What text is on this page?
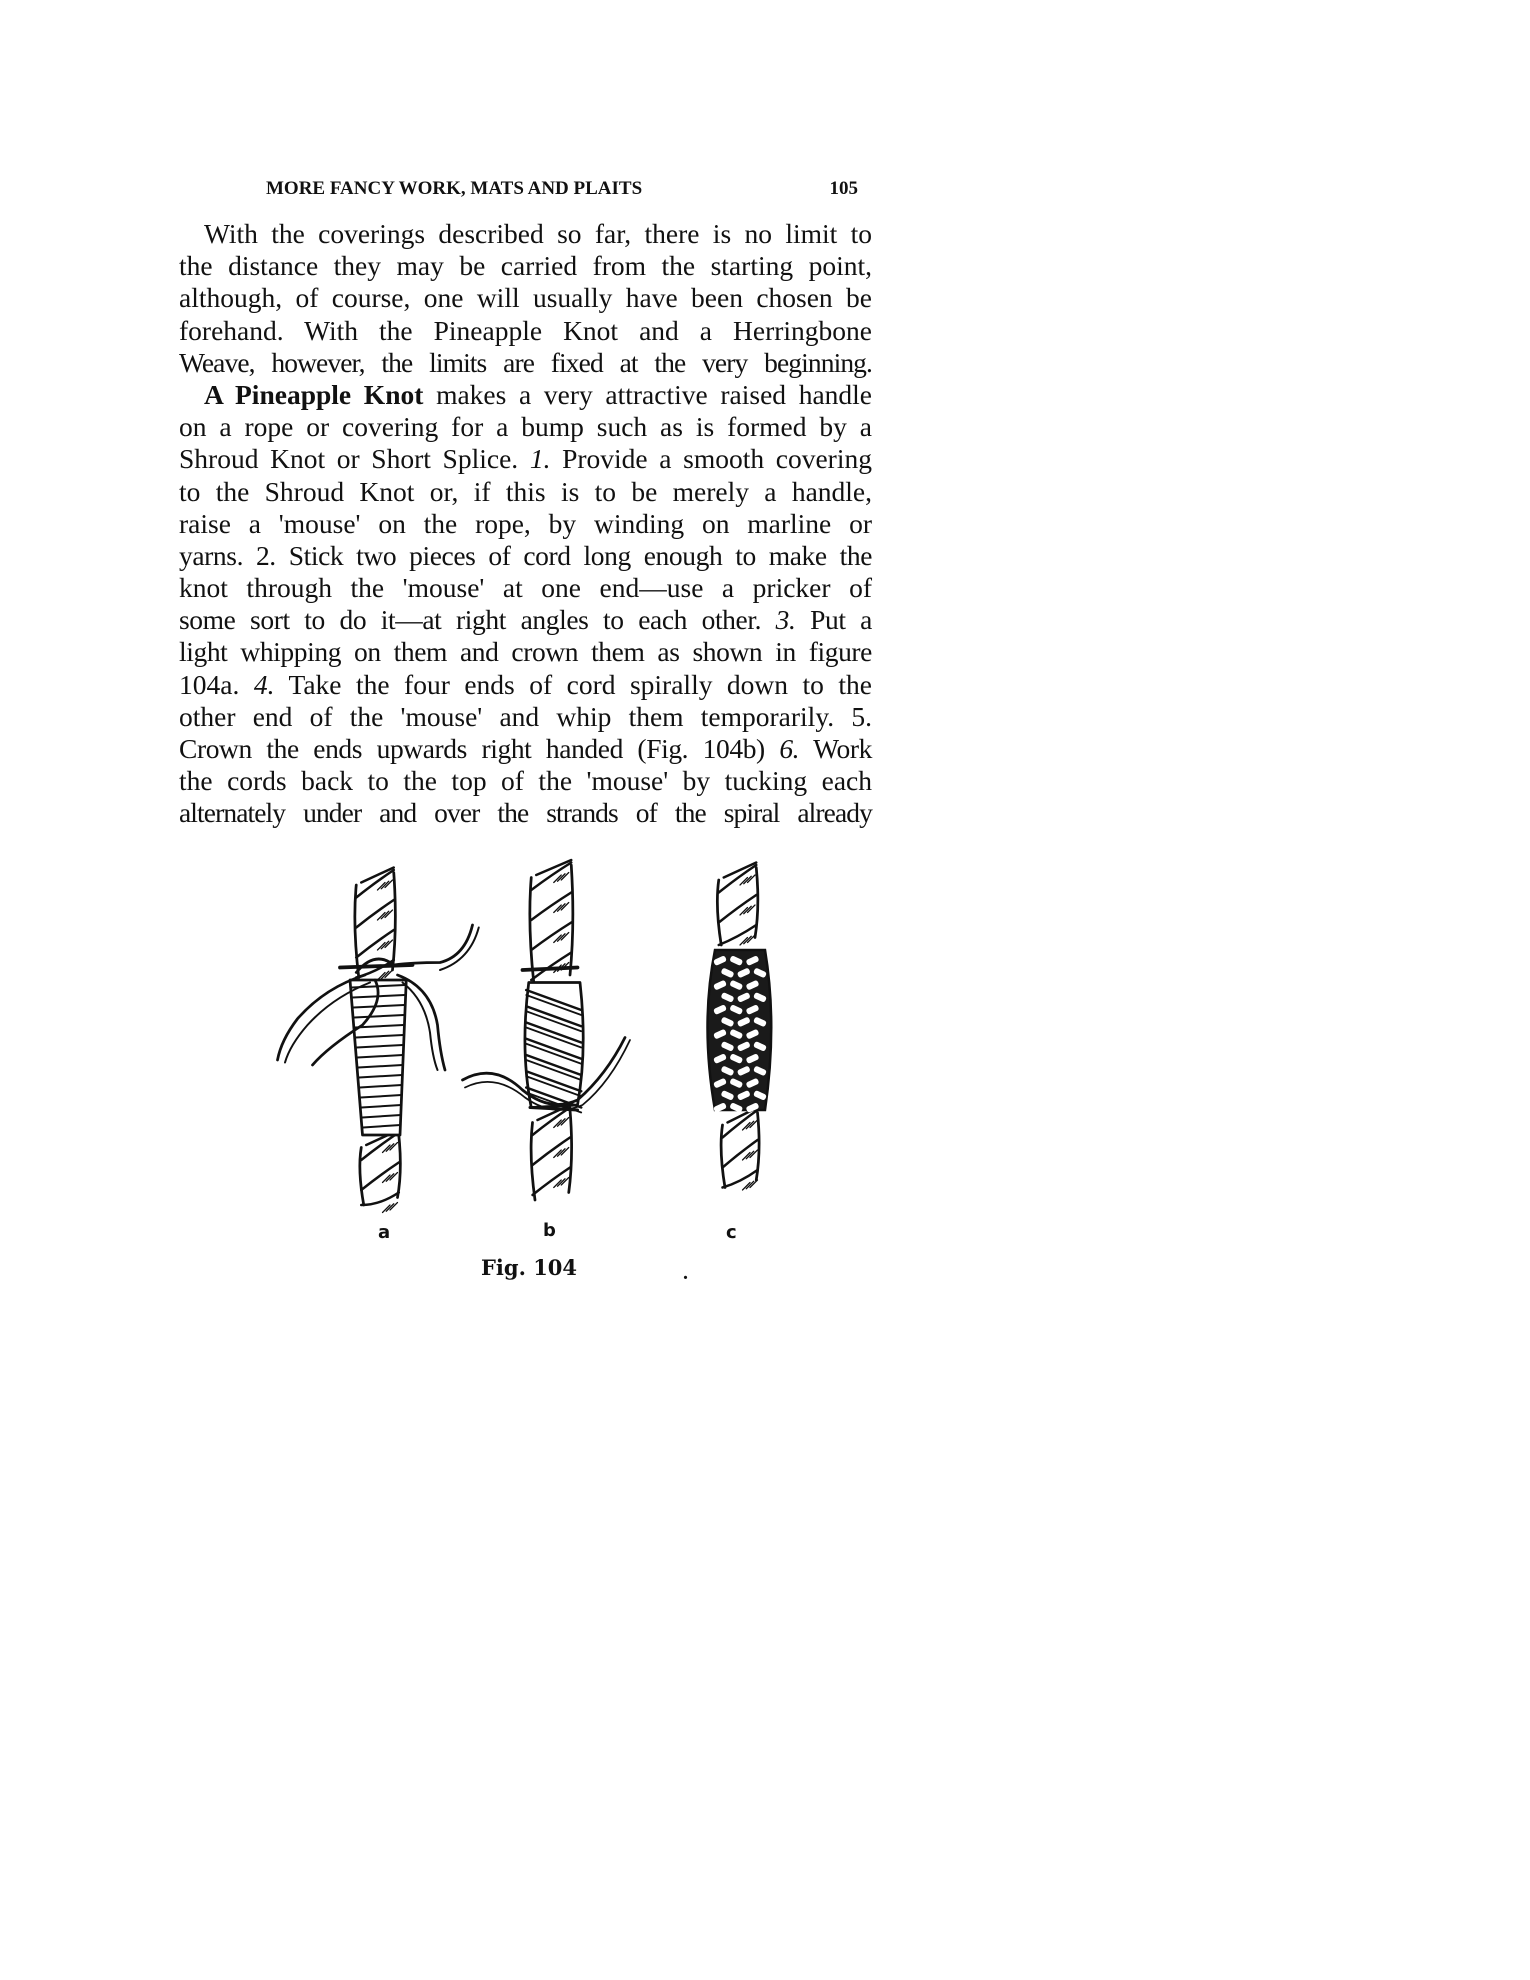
MORE FANCY WORK, MATS AND PLAITS	105
With the coverings described so far, there is no limit to
the distance they may be carried from the starting point,
although, of course, one will usually have been chosen be
forehand. With the Pineapple Knot and a Herringbone
Weave, however, the limits are fixed at the very beginning.
A Pineapple Knot makes a very attractive raised handle
on a rope or covering for a bump such as is formed by a
Shroud Knot or Short Splice. 1. Provide a smooth covering
to the Shroud Knot or, if this is to be merely a handle,
raise a 'mouse' on the rope, by winding on marline or
yarns. 2. Stick two pieces of cord long enough to make the
knot through the 'mouse' at one end—use a pricker of
some sort to do it—at right angles to each other. 3. Put a
light whipping on them and crown them as shown in figure
104a. 4. Take the four ends of cord spirally down to the
other end of the 'mouse' and whip them temporarily. 5.
Crown the ends upwards right handed (Fig. 104b) 6. Work
the cords back to the top of the 'mouse' by tucking each
alternately under and over the strands of the spiral already
a	b	c
Fig. 104	.
